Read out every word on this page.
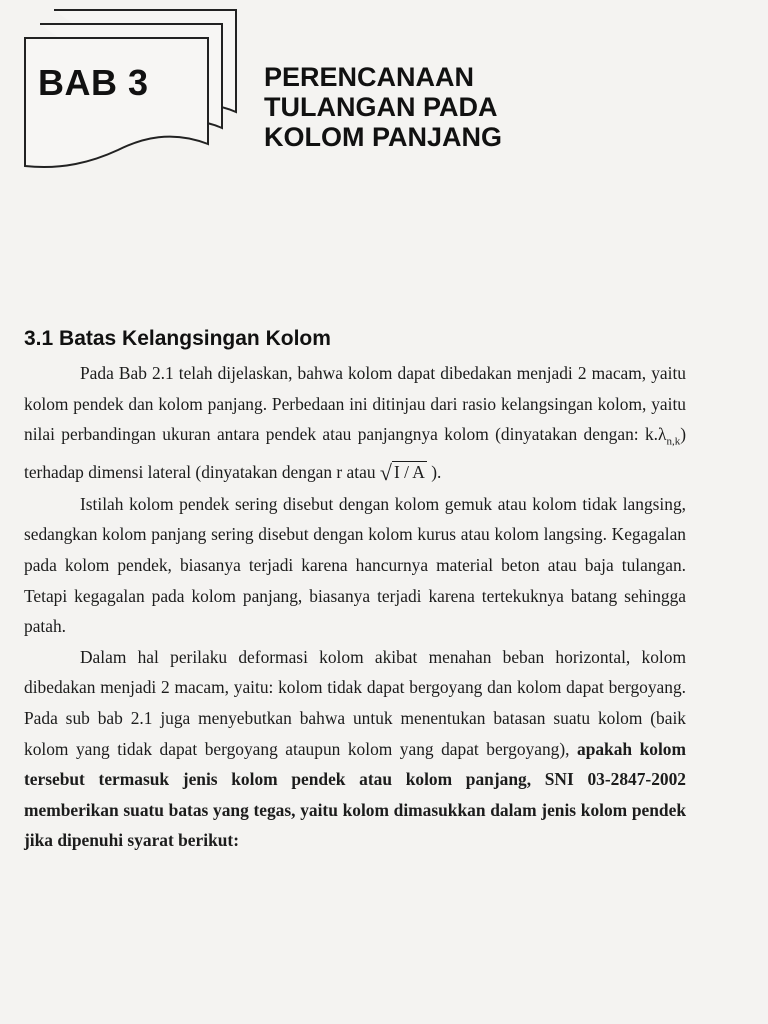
BAB 3	PERENCANAAN
TULANGAN PADA
KOLOM PANJANG
3.1 Batas Kelangsingan Kolom

Pada Bab 2.1 telah dijelaskan, bahwa kolom dapat dibedakan menjadi 2 macam, yaitu kolom pendek dan kolom panjang. Perbedaan ini ditinjau dari rasio kelangsingan kolom, yaitu nilai perbandingan ukuran antara pendek atau panjangnya kolom (dinyatakan dengan: $k.\lambda_{n,k}$) terhadap dimensi lateral (dinyatakan dengan r atau √ I / A ).

Istilah kolom pendek sering disebut dengan kolom gemuk atau kolom tidak langsing, sedangkan kolom panjang sering disebut dengan kolom kurus atau kolom langsing. Kegagalan pada kolom pendek, biasanya terjadi karena hancurnya material beton atau baja tulangan. Tetapi kegagalan pada kolom panjang, biasanya terjadi karena tertekuknya batang sehingga patah.

Dalam hal perilaku deformasi kolom akibat menahan beban horizontal, kolom dibedakan menjadi 2 macam, yaitu: kolom tidak dapat bergoyang dan kolom dapat bergoyang. Pada sub bab 2.1 juga menyebutkan bahwa untuk menentukan batasan suatu kolom (baik kolom yang tidak dapat bergoyang ataupun kolom yang dapat bergoyang), apakah kolom tersebut termasuk jenis kolom pendek atau kolom panjang, SNI 03-2847-2002 memberikan suatu batas yang tegas, yaitu kolom dimasukkan dalam jenis kolom pendek jika dipenuhi syarat berikut:
